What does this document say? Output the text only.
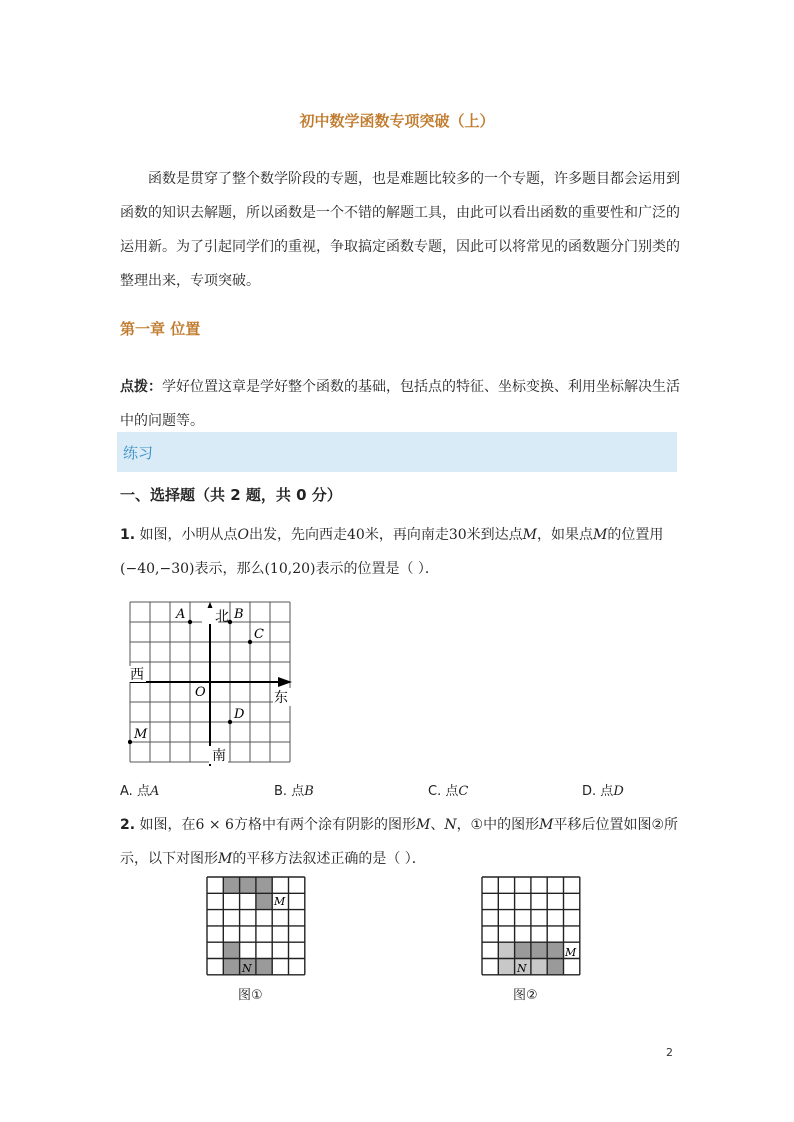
初中数学函数专项突破（上）
函数是贯穿了整个数学阶段的专题，也是难题比较多的一个专题，许多题目都会运用到函数的知识去解题，所以函数是一个不错的解题工具，由此可以看出函数的重要性和广泛的运用新。为了引起同学们的重视，争取搞定函数专题，因此可以将常见的函数题分门别类的整理出来，专项突破。
第一章 位置
点拨：学好位置这章是学好整个函数的基础，包括点的特征、坐标变换、利用坐标解决生活中的问题等。
练习
一、选择题（共 2 题，共 0 分）
1. 如图，小明从点O出发，先向西走40米，再向南走30米到达点M，如果点M的位置用(−40,−30)表示，那么(10,20)表示的位置是（ ）．
A	B
C
D
M
北
南
西
东
O
A. 点A	B. 点B	C. 点C	D. 点D
2. 如图，在6 × 6方格中有两个涂有阴影的图形M、N，①中的图形M平移后位置如图②所示，以下对图形M的平移方法叙述正确的是（ ）．
M
N
图①
M
N
图②
2
